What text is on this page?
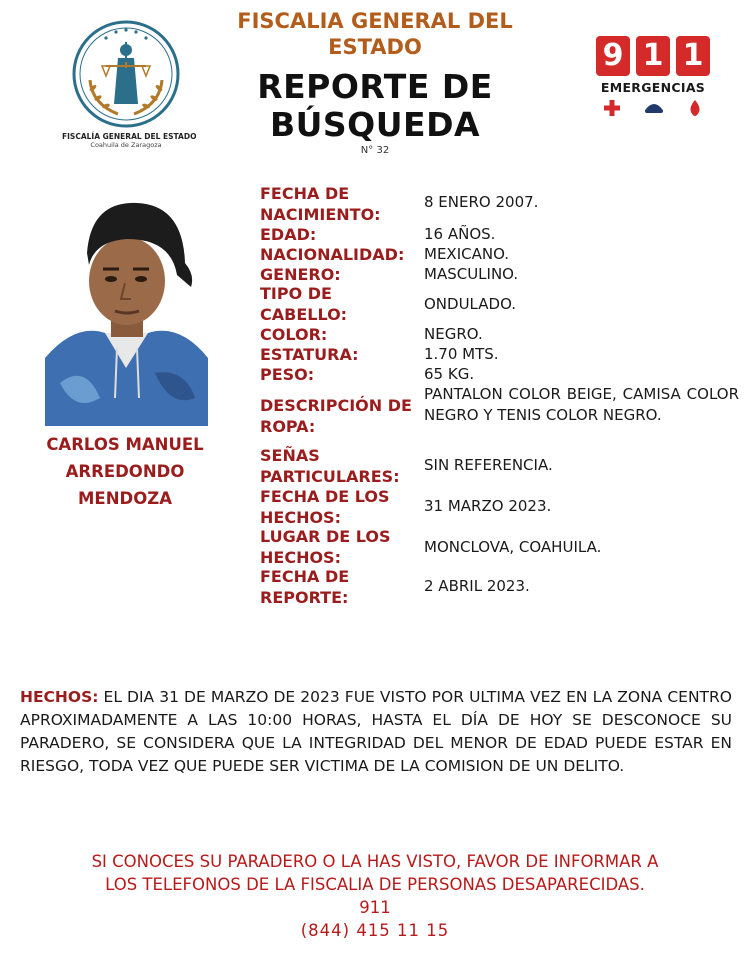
FISCALÍA GENERAL DEL ESTADO
Coahuila de Zaragoza
FISCALIA GENERAL DEL ESTADO
REPORTE DE BÚSQUEDA
N° 32
9 1 1
EMERGENCIAS
CARLOS MANUEL
ARREDONDO
MENDOZA
FECHA DE
NACIMIENTO:
8 ENERO 2007.
EDAD:	16 AÑOS.
NACIONALIDAD: MEXICANO.
GENERO:	MASCULINO.
TIPO DE
CABELLO:
ONDULADO.
COLOR:	NEGRO.
ESTATURA:	1.70 MTS.
PESO:	65 KG.
DESCRIPCIÓN DE
ROPA:
PANTALON COLOR BEIGE, CAMISA COLOR NEGRO Y TENIS COLOR NEGRO.
SEÑAS
PARTICULARES:
SIN REFERENCIA.
FECHA DE LOS
HECHOS:
31 MARZO 2023.
LUGAR DE LOS
HECHOS:
MONCLOVA, COAHUILA.
FECHA DE
REPORTE:
2 ABRIL 2023.
HECHOS: EL DIA 31 DE MARZO DE 2023 FUE VISTO POR ULTIMA VEZ EN LA ZONA CENTRO APROXIMADAMENTE A LAS 10:00 HORAS, HASTA EL DÍA DE HOY SE DESCONOCE SU PARADERO, SE CONSIDERA QUE LA INTEGRIDAD DEL MENOR DE EDAD PUEDE ESTAR EN RIESGO, TODA VEZ QUE PUEDE SER VICTIMA DE LA COMISION DE UN DELITO.
SI CONOCES SU PARADERO O LA HAS VISTO, FAVOR DE INFORMAR A
LOS TELEFONOS DE LA FISCALIA DE PERSONAS DESAPARECIDAS.
911
(844) 415 11 15
